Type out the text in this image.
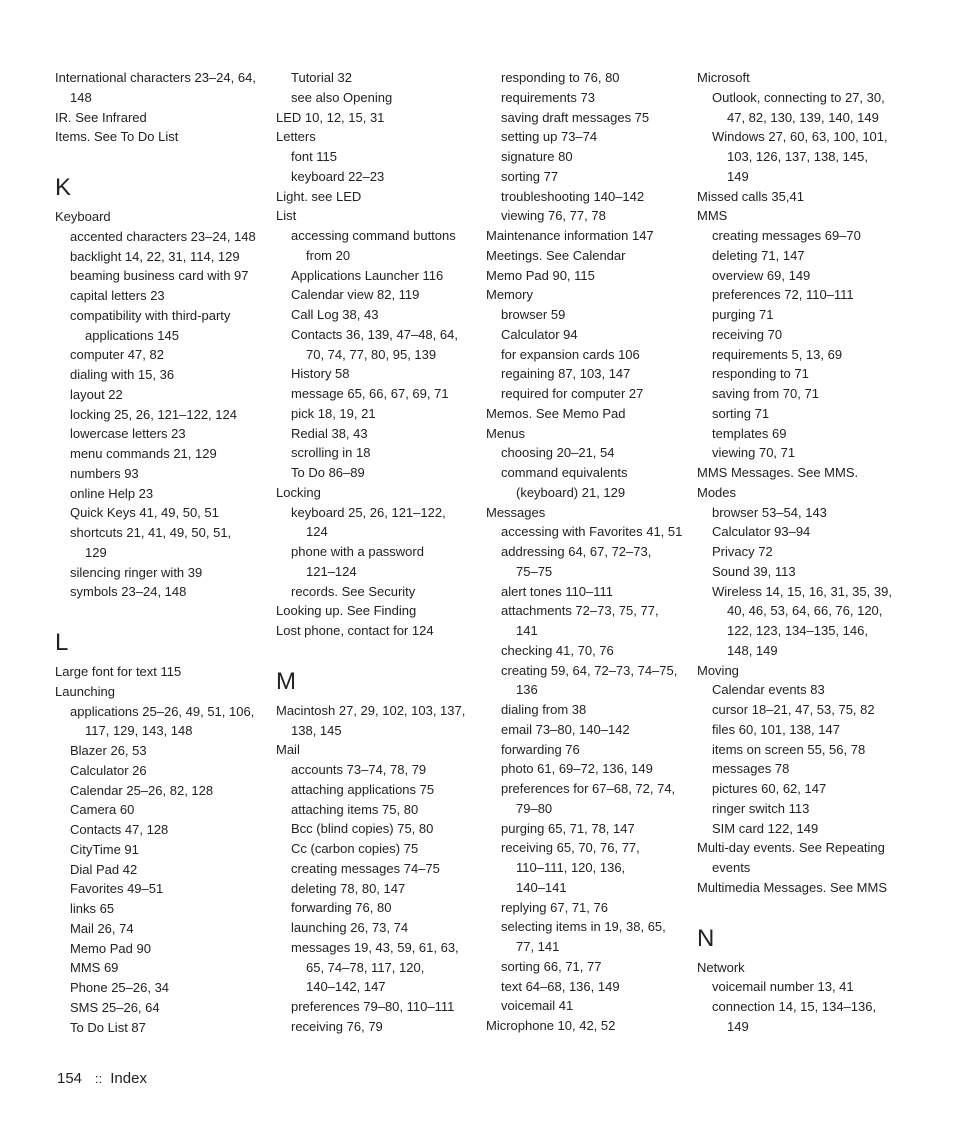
International characters 23–24, 64,
148
IR. See Infrared
Items. See To Do List
K
Keyboard
accented characters 23–24, 148
backlight 14, 22, 31, 114, 129
beaming business card with 97
capital letters 23
compatibility with third-party
applications 145
computer 47, 82
dialing with 15, 36
layout 22
locking 25, 26, 121–122, 124
lowercase letters 23
menu commands 21, 129
numbers 93
online Help 23
Quick Keys 41, 49, 50, 51
shortcuts 21, 41, 49, 50, 51,
129
silencing ringer with 39
symbols 23–24, 148
L
Large font for text 115
Launching
applications 25–26, 49, 51, 106,
117, 129, 143, 148
Blazer 26, 53
Calculator 26
Calendar 25–26, 82, 128
Camera 60
Contacts 47, 128
CityTime 91
Dial Pad 42
Favorites 49–51
links 65
Mail 26, 74
Memo Pad 90
MMS 69
Phone 25–26, 34
SMS 25–26, 64
To Do List 87
Tutorial 32
see also Opening
LED 10, 12, 15, 31
Letters
font 115
keyboard 22–23
Light. see LED
List
accessing command buttons
from 20
Applications Launcher 116
Calendar view 82, 119
Call Log 38, 43
Contacts 36, 139, 47–48, 64,
70, 74, 77, 80, 95, 139
History 58
message 65, 66, 67, 69, 71
pick 18, 19, 21
Redial 38, 43
scrolling in 18
To Do 86–89
Locking
keyboard 25, 26, 121–122,
124
phone with a password
121–124
records. See Security
Looking up. See Finding
Lost phone, contact for 124
M
Macintosh 27, 29, 102, 103, 137,
138, 145
Mail
accounts 73–74, 78, 79
attaching applications 75
attaching items 75, 80
Bcc (blind copies) 75, 80
Cc (carbon copies) 75
creating messages 74–75
deleting 78, 80, 147
forwarding 76, 80
launching 26, 73, 74
messages 19, 43, 59, 61, 63,
65, 74–78, 117, 120,
140–142, 147
preferences 79–80, 110–111
receiving 76, 79
responding to 76, 80
requirements 73
saving draft messages 75
setting up 73–74
signature 80
sorting 77
troubleshooting 140–142
viewing 76, 77, 78
Maintenance information 147
Meetings. See Calendar
Memo Pad 90, 115
Memory
browser 59
Calculator 94
for expansion cards 106
regaining 87, 103, 147
required for computer 27
Memos. See Memo Pad
Menus
choosing 20–21, 54
command equivalents
(keyboard) 21, 129
Messages
accessing with Favorites 41, 51
addressing 64, 67, 72–73,
75–75
alert tones 110–111
attachments 72–73, 75, 77,
141
checking 41, 70, 76
creating 59, 64, 72–73, 74–75,
136
dialing from 38
email 73–80, 140–142
forwarding 76
photo 61, 69–72, 136, 149
preferences for 67–68, 72, 74,
79–80
purging 65, 71, 78, 147
receiving 65, 70, 76, 77,
110–111, 120, 136,
140–141
replying 67, 71, 76
selecting items in 19, 38, 65,
77, 141
sorting 66, 71, 77
text 64–68, 136, 149
voicemail 41
Microphone 10, 42, 52
Microsoft
Outlook, connecting to 27, 30,
47, 82, 130, 139, 140, 149
Windows 27, 60, 63, 100, 101,
103, 126, 137, 138, 145,
149
Missed calls 35,41
MMS
creating messages 69–70
deleting 71, 147
overview 69, 149
preferences 72, 110–111
purging 71
receiving 70
requirements 5, 13, 69
responding to 71
saving from 70, 71
sorting 71
templates 69
viewing 70, 71
MMS Messages. See MMS.
Modes
browser 53–54, 143
Calculator 93–94
Privacy 72
Sound 39, 113
Wireless 14, 15, 16, 31, 35, 39,
40, 46, 53, 64, 66, 76, 120,
122, 123, 134–135, 146,
148, 149
Moving
Calendar events 83
cursor 18–21, 47, 53, 75, 82
files 60, 101, 138, 147
items on screen 55, 56, 78
messages 78
pictures 60, 62, 147
ringer switch 113
SIM card 122, 149
Multi-day events. See Repeating
events
Multimedia Messages. See MMS
N
Network
voicemail number 13, 41
connection 14, 15, 134–136,
149
154 :: Index
